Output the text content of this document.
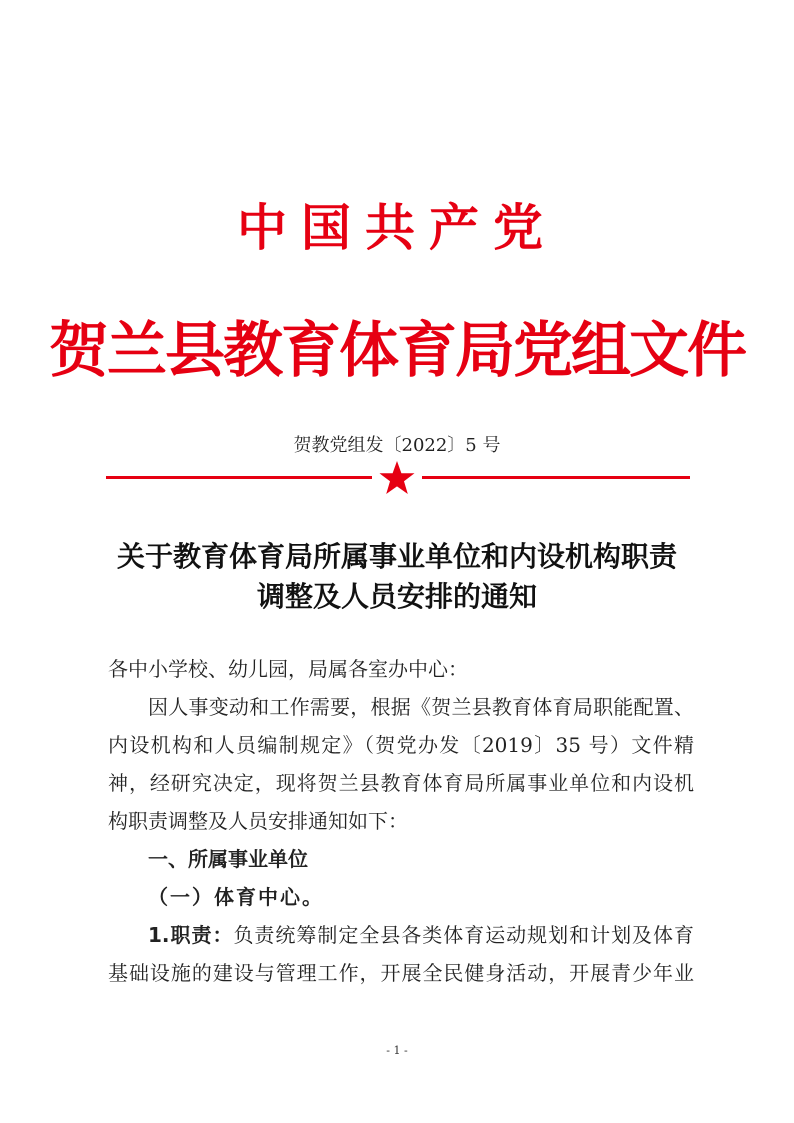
中国共产党
贺兰县教育体育局党组文件
贺教党组发〔2022〕5 号
关于教育体育局所属事业单位和内设机构职责
调整及人员安排的通知
各中小学校、幼儿园，局属各室办中心：
因人事变动和工作需要，根据《贺兰县教育体育局职能配置、
内设机构和人员编制规定》（贺党办发〔2019〕35 号）文件精
神，经研究决定，现将贺兰县教育体育局所属事业单位和内设机
构职责调整及人员安排通知如下：
一、所属事业单位
（一）体育中心。
1.职责：负责统筹制定全县各类体育运动规划和计划及体育
基础设施的建设与管理工作，开展全民健身活动，开展青少年业
- 1 -
